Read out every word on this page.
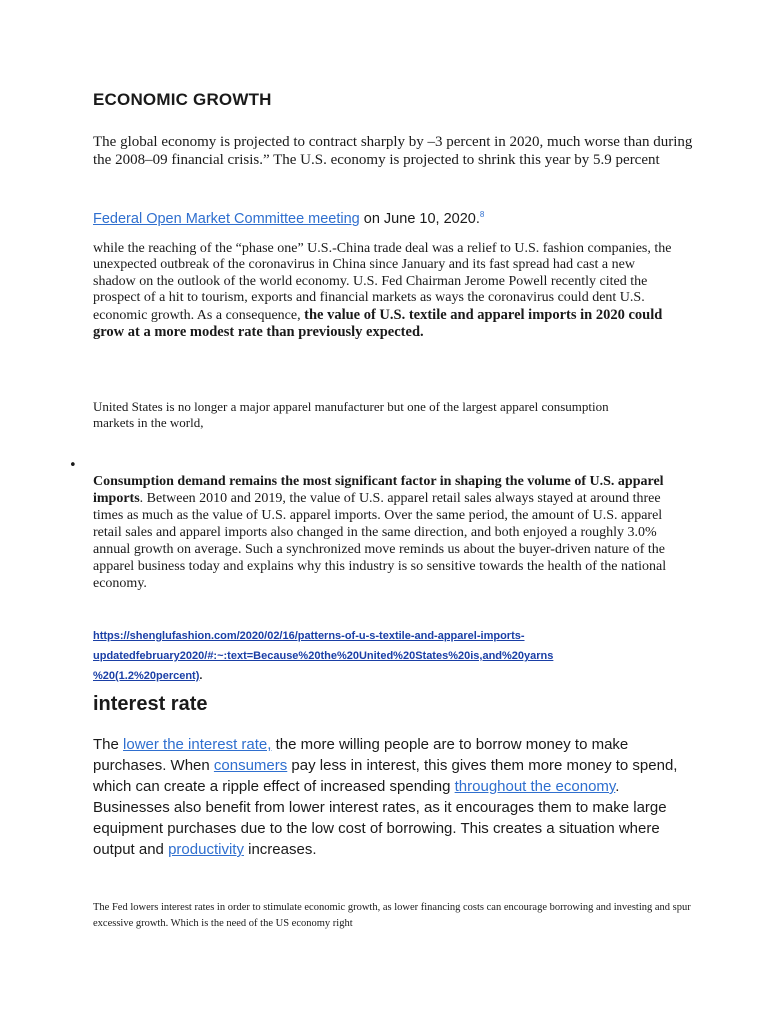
ECONOMIC GROWTH

The global economy is projected to contract sharply by –3 percent in 2020, much worse than during the 2008–09 financial crisis.” The U.S. economy is projected to shrink this year by 5.9 percent

Federal Open Market Committee meeting on June 10, 2020.$^8$

while the reaching of the “phase one” U.S.-China trade deal was a relief to U.S. fashion companies, the unexpected outbreak of the coronavirus in China since January and its fast spread had cast a new shadow on the outlook of the world economy. U.S. Fed Chairman Jerome Powell recently cited the prospect of a hit to tourism, exports and financial markets as ways the coronavirus could dent U.S. economic growth. As a consequence, the value of U.S. textile and apparel imports in 2020 could grow at a more modest rate than previously expected.

United States is no longer a major apparel manufacturer but one of the largest apparel consumption markets in the world,

•

Consumption demand remains the most significant factor in shaping the volume of U.S. apparel imports. Between 2010 and 2019, the value of U.S. apparel retail sales always stayed at around three times as much as the value of U.S. apparel imports. Over the same period, the amount of U.S. apparel retail sales and apparel imports also changed in the same direction, and both enjoyed a roughly 3.0% annual growth on average. Such a synchronized move reminds us about the buyer-driven nature of the apparel business today and explains why this industry is so sensitive towards the health of the national economy.

https://shenglufashion.com/2020/02/16/patterns-of-u-s-textile-and-apparel-imports-
updatedfebruary2020/#:~:text=Because%20the%20United%20States%20is,and%20yarns
%20(1.2%20percent).

interest rate

The lower the interest rate, the more willing people are to borrow money to make purchases. When consumers pay less in interest, this gives them more money to spend, which can create a ripple effect of increased spending throughout the economy. Businesses also benefit from lower interest rates, as it encourages them to make large equipment purchases due to the low cost of borrowing. This creates a situation where output and productivity increases.

The Fed lowers interest rates in order to stimulate economic growth, as lower financing costs can encourage borrowing and investing and spur excessive growth. Which is the need of the US economy right
